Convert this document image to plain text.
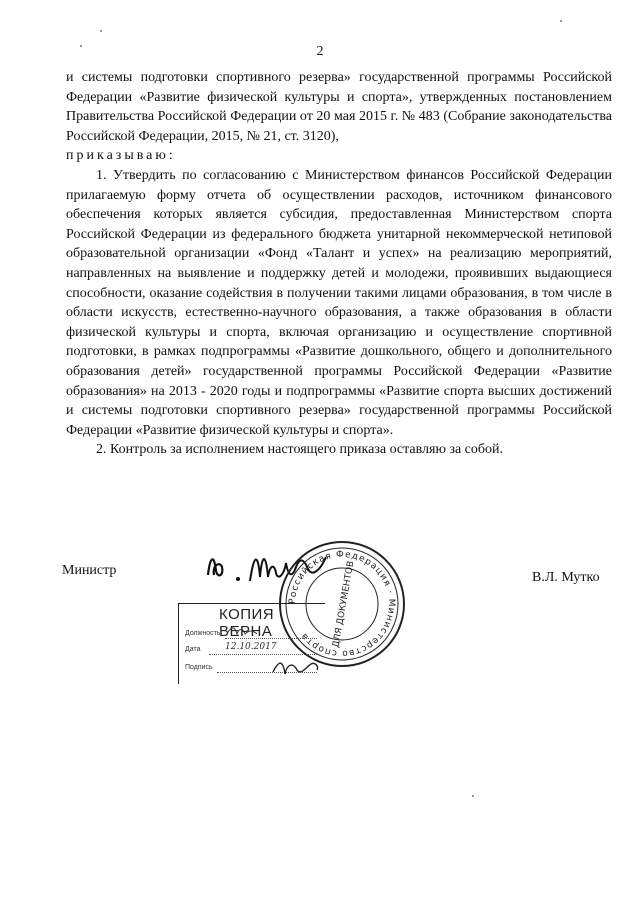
2

и системы подготовки спортивного резерва» государственной программы Российской Федерации «Развитие физической культуры и спорта», утвержденных постановлением Правительства Российской Федерации от 20 мая 2015 г. № 483 (Собрание законодательства Российской Федерации, 2015, № 21, ст. 3120),

приказываю:

1. Утвердить по согласованию с Министерством финансов Российской Федерации прилагаемую форму отчета об осуществлении расходов, источником финансового обеспечения которых является субсидия, предоставленная Министерством спорта Российской Федерации из федерального бюджета унитарной некоммерческой нетиповой образовательной организации «Фонд «Талант и успех» на реализацию мероприятий, направленных на выявление и поддержку детей и молодежи, проявивших выдающиеся способности, оказание содействия в получении такими лицами образования, в том числе в области искусств, естественно-научного образования, а также образования в области физической культуры и спорта, включая организацию и осуществление спортивной подготовки, в рамках подпрограммы «Развитие дошкольного, общего и дополнительного образования детей» государственной программы Российской Федерации «Развитие образования» на 2013 - 2020 годы и подпрограммы «Развитие спорта высших достижений и системы подготовки спортивного резерва» государственной программы Российской Федерации «Развитие физической культуры и спорта».

2. Контроль за исполнением настоящего приказа оставляю за собой.

Министр	В.Л. Мутко
Российская Федерация · Министерство спорта	ДЛЯ ДОКУМЕНТОВ
КОПИЯ ВЕРНА
Должность
Дата	12.10.2017
Подпись
